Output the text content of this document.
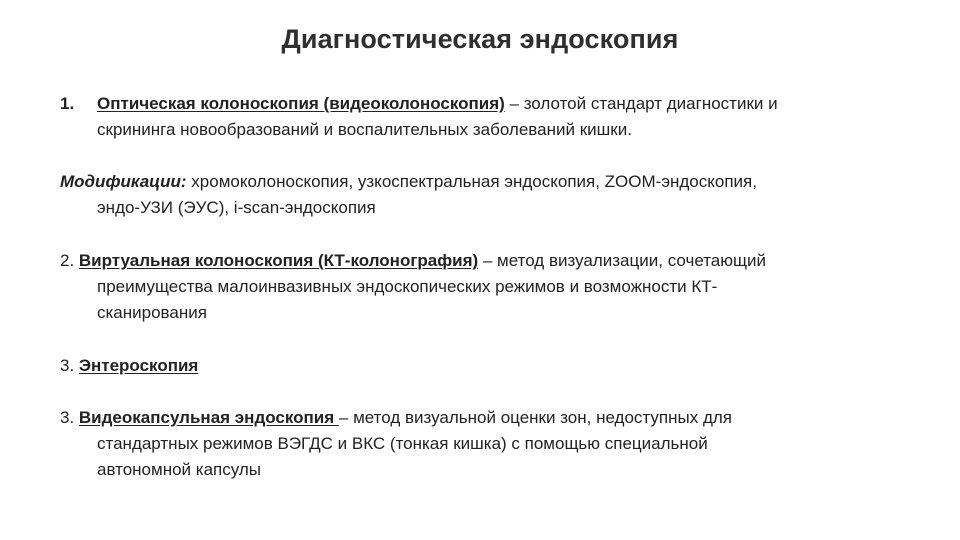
Диагностическая эндоскопия
1. Оптическая колоноскопия (видеоколоноскопия) – золотой стандарт диагностики и
скрининга новообразований и воспалительных заболеваний кишки.
Модификации: хромоколоноскопия, узкоспектральная эндоскопия, ZOOM-эндоскопия,
эндо-УЗИ (ЭУС), i-scan-эндоскопия
2. Виртуальная колоноскопия (КТ-колонография) – метод визуализации, сочетающий
преимущества малоинвазивных эндоскопических режимов и возможности КТ-
сканирования
3. Энтероскопия
3. Видеокапсульная эндоскопия – метод визуальной оценки зон, недоступных для
стандартных режимов ВЭГДС и ВКС (тонкая кишка) с помощью специальной
автономной капсулы
